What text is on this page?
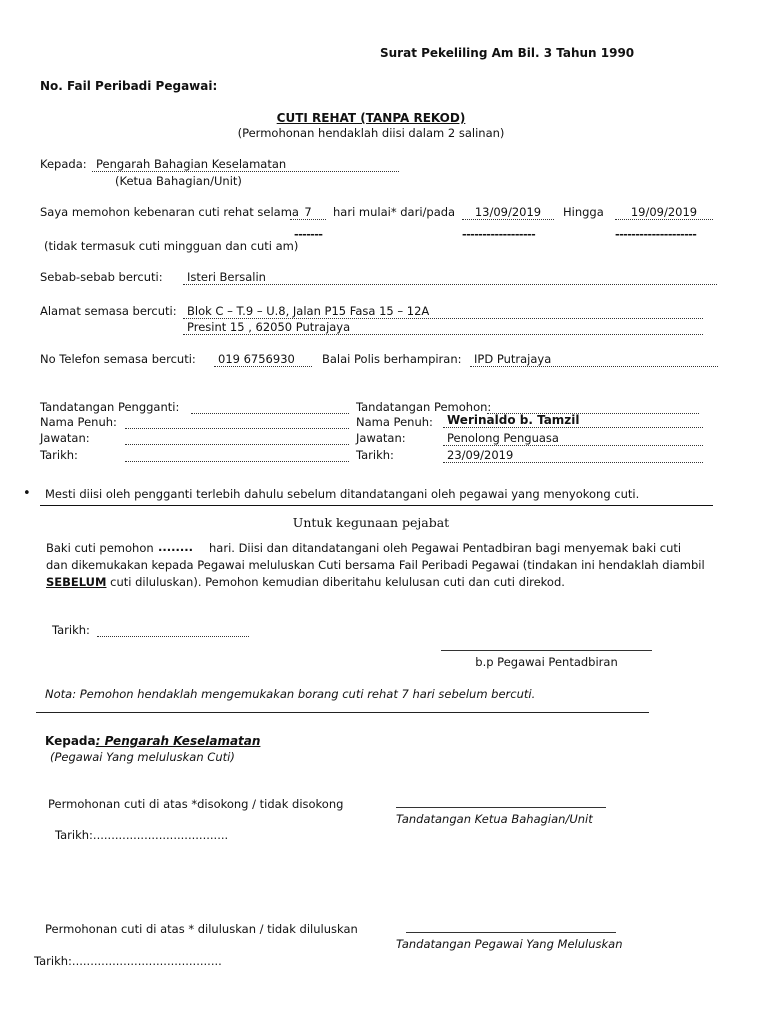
Surat Pekeliling Am Bil. 3 Tahun 1990
No. Fail Peribadi Pegawai:
CUTI REHAT (TANPA REKOD)
(Permohonan hendaklah diisi dalam 2 salinan)
Kepada: Pengarah Bahagian Keselamatan
(Ketua Bahagian/Unit)
Saya memohon kebenaran cuti rehat selama 7	hari mulai* dari/pada	13/09/2019	Hingga	19/09/2019
-------	------------------	--------------------
(tidak termasuk cuti mingguan dan cuti am)
Sebab-sebab bercuti:	Isteri Bersalin
Alamat semasa bercuti: Blok C – T.9 – U.8, Jalan P15 Fasa 15 – 12A
Presint 15 , 62050 Putrajaya
No Telefon semasa bercuti:	019 6756930	Balai Polis berhampiran:	IPD Putrajaya
Tandatangan Pengganti:
Nama Penuh:
Jawatan:
Tarikh:
Tandatangan Pemohon:
Nama Penuh:	Werinaldo b. Tamzil
Jawatan:	Penolong Penguasa
Tarikh:	23/09/2019
• Mesti diisi oleh pengganti terlebih dahulu sebelum ditandatangani oleh pegawai yang menyokong cuti.
Untuk kegunaan pejabat
Baki cuti pemohon ........ hari. Diisi dan ditandatangani oleh Pegawai Pentadbiran bagi menyemak baki cuti
dan dikemukakan kepada Pegawai meluluskan Cuti bersama Fail Peribadi Pegawai (tindakan ini hendaklah diambil
SEBELUM cuti diluluskan). Pemohon kemudian diberitahu kelulusan cuti dan cuti direkod.
Tarikh:
b.p Pegawai Pentadbiran
Nota: Pemohon hendaklah mengemukakan borang cuti rehat 7 hari sebelum bercuti.
Kepada: Pengarah Keselamatan
(Pegawai Yang meluluskan Cuti)
Permohonan cuti di atas *disokong / tidak disokong
Tandatangan Ketua Bahagian/Unit
Tarikh:.....................................
Permohonan cuti di atas * diluluskan / tidak diluluskan
Tandatangan Pegawai Yang Meluluskan
Tarikh:.........................................
